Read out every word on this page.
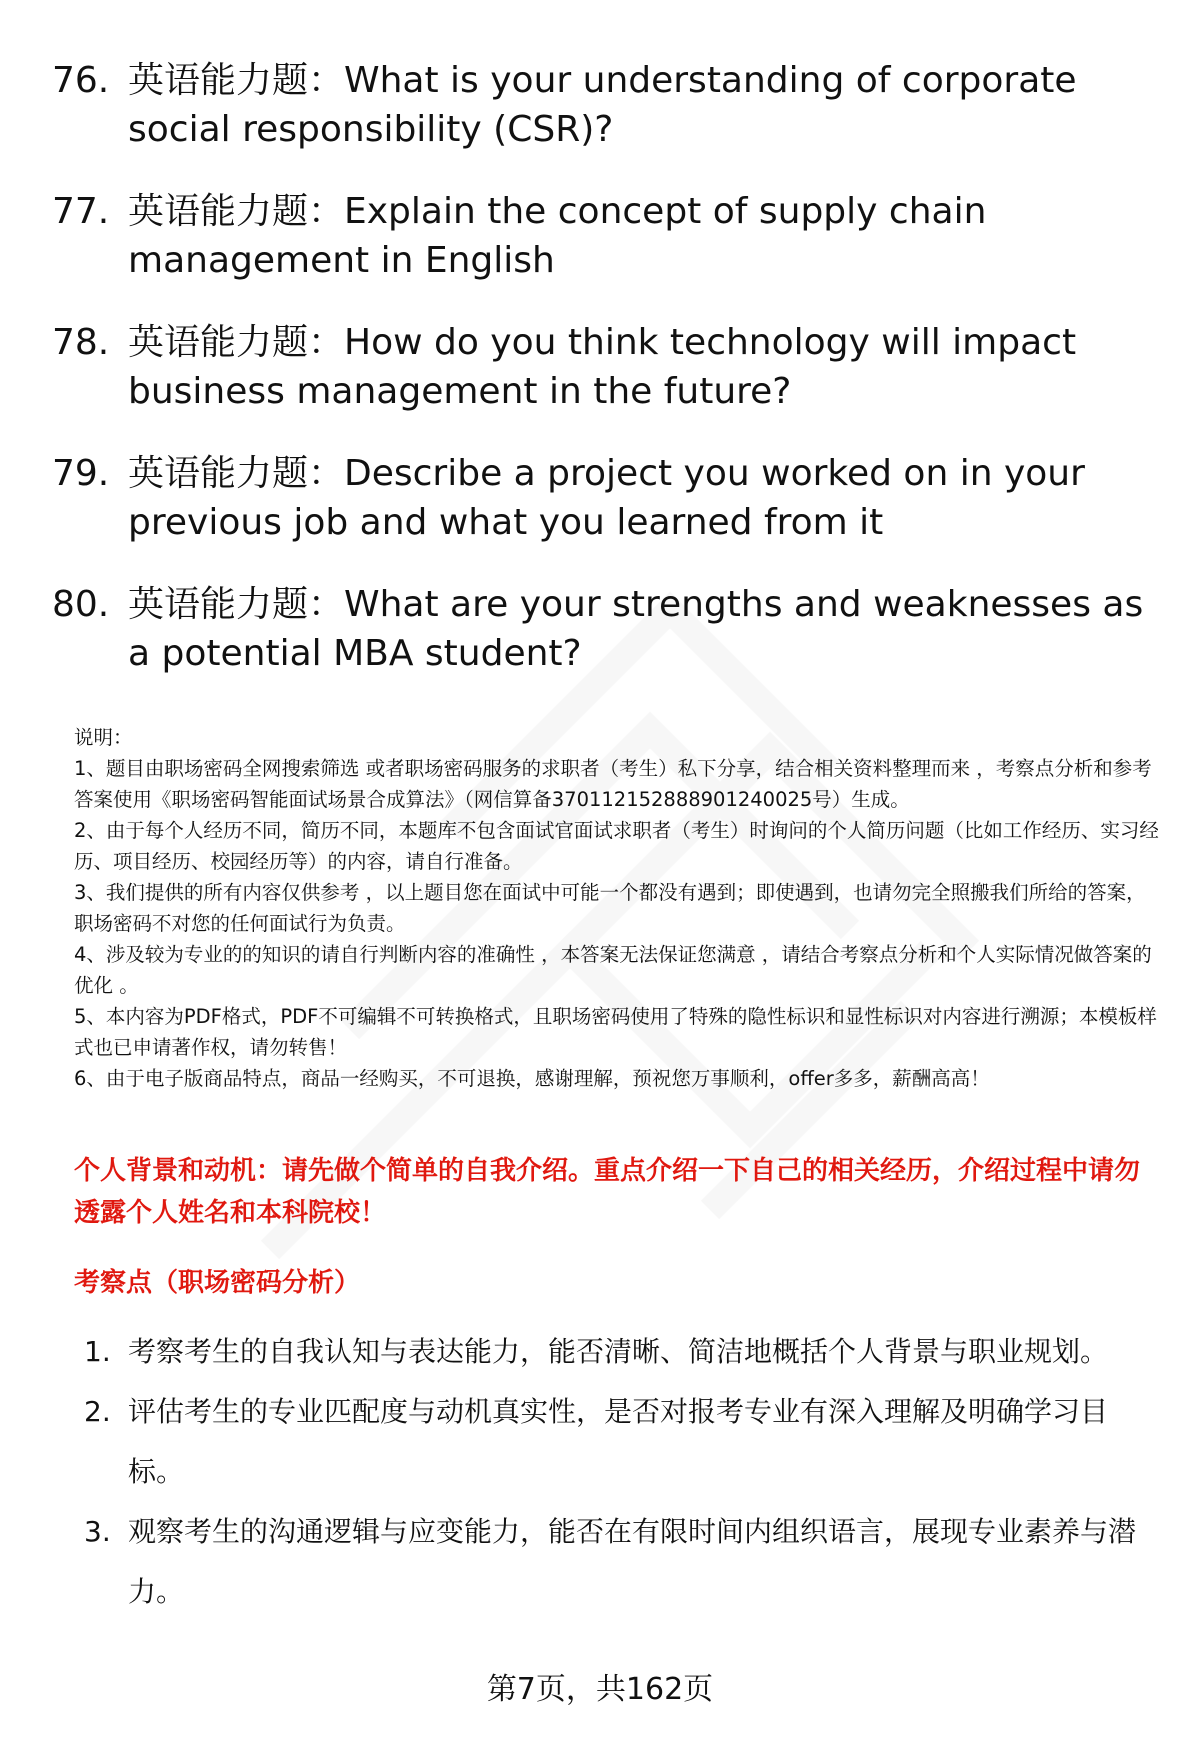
76. 英语能力题：What is your understanding of corporate social responsibility (CSR)?
77. 英语能力题：Explain the concept of supply chain management in English
78. 英语能力题：How do you think technology will impact business management in the future?
79. 英语能力题：Describe a project you worked on in your previous job and what you learned from it
80. 英语能力题：What are your strengths and weaknesses as a potential MBA student?
说明：
1、题目由职场密码全网搜索筛选 或者职场密码服务的求职者（考生）私下分享，结合相关资料整理而来 ，考察点分析和参考答案使用《职场密码智能面试场景合成算法》（网信算备370112152888901240025号）生成。
2、由于每个人经历不同，简历不同，本题库不包含面试官面试求职者（考生）时询问的个人简历问题（比如工作经历、实习经历、项目经历、校园经历等）的内容，请自行准备。
3、我们提供的所有内容仅供参考 ，以上题目您在面试中可能一个都没有遇到；即使遇到，也请勿完全照搬我们所给的答案，职场密码不对您的任何面试行为负责。
4、涉及较为专业的的知识的请自行判断内容的准确性 ，本答案无法保证您满意 ，请结合考察点分析和个人实际情况做答案的优化 。
5、本内容为PDF格式，PDF不可编辑不可转换格式，且职场密码使用了特殊的隐性标识和显性标识对内容进行溯源；本模板样式也已申请著作权，请勿转售！
6、由于电子版商品特点，商品一经购买，不可退换，感谢理解，预祝您万事顺利，offer多多，薪酬高高！
个人背景和动机：请先做个简单的自我介绍。重点介绍一下自己的相关经历，介绍过程中请勿透露个人姓名和本科院校！
考察点（职场密码分析）
1. 考察考生的自我认知与表达能力，能否清晰、简洁地概括个人背景与职业规划。
2. 评估考生的专业匹配度与动机真实性，是否对报考专业有深入理解及明确学习目标。
3. 观察考生的沟通逻辑与应变能力，能否在有限时间内组织语言，展现专业素养与潜力。
第7页，共162页
